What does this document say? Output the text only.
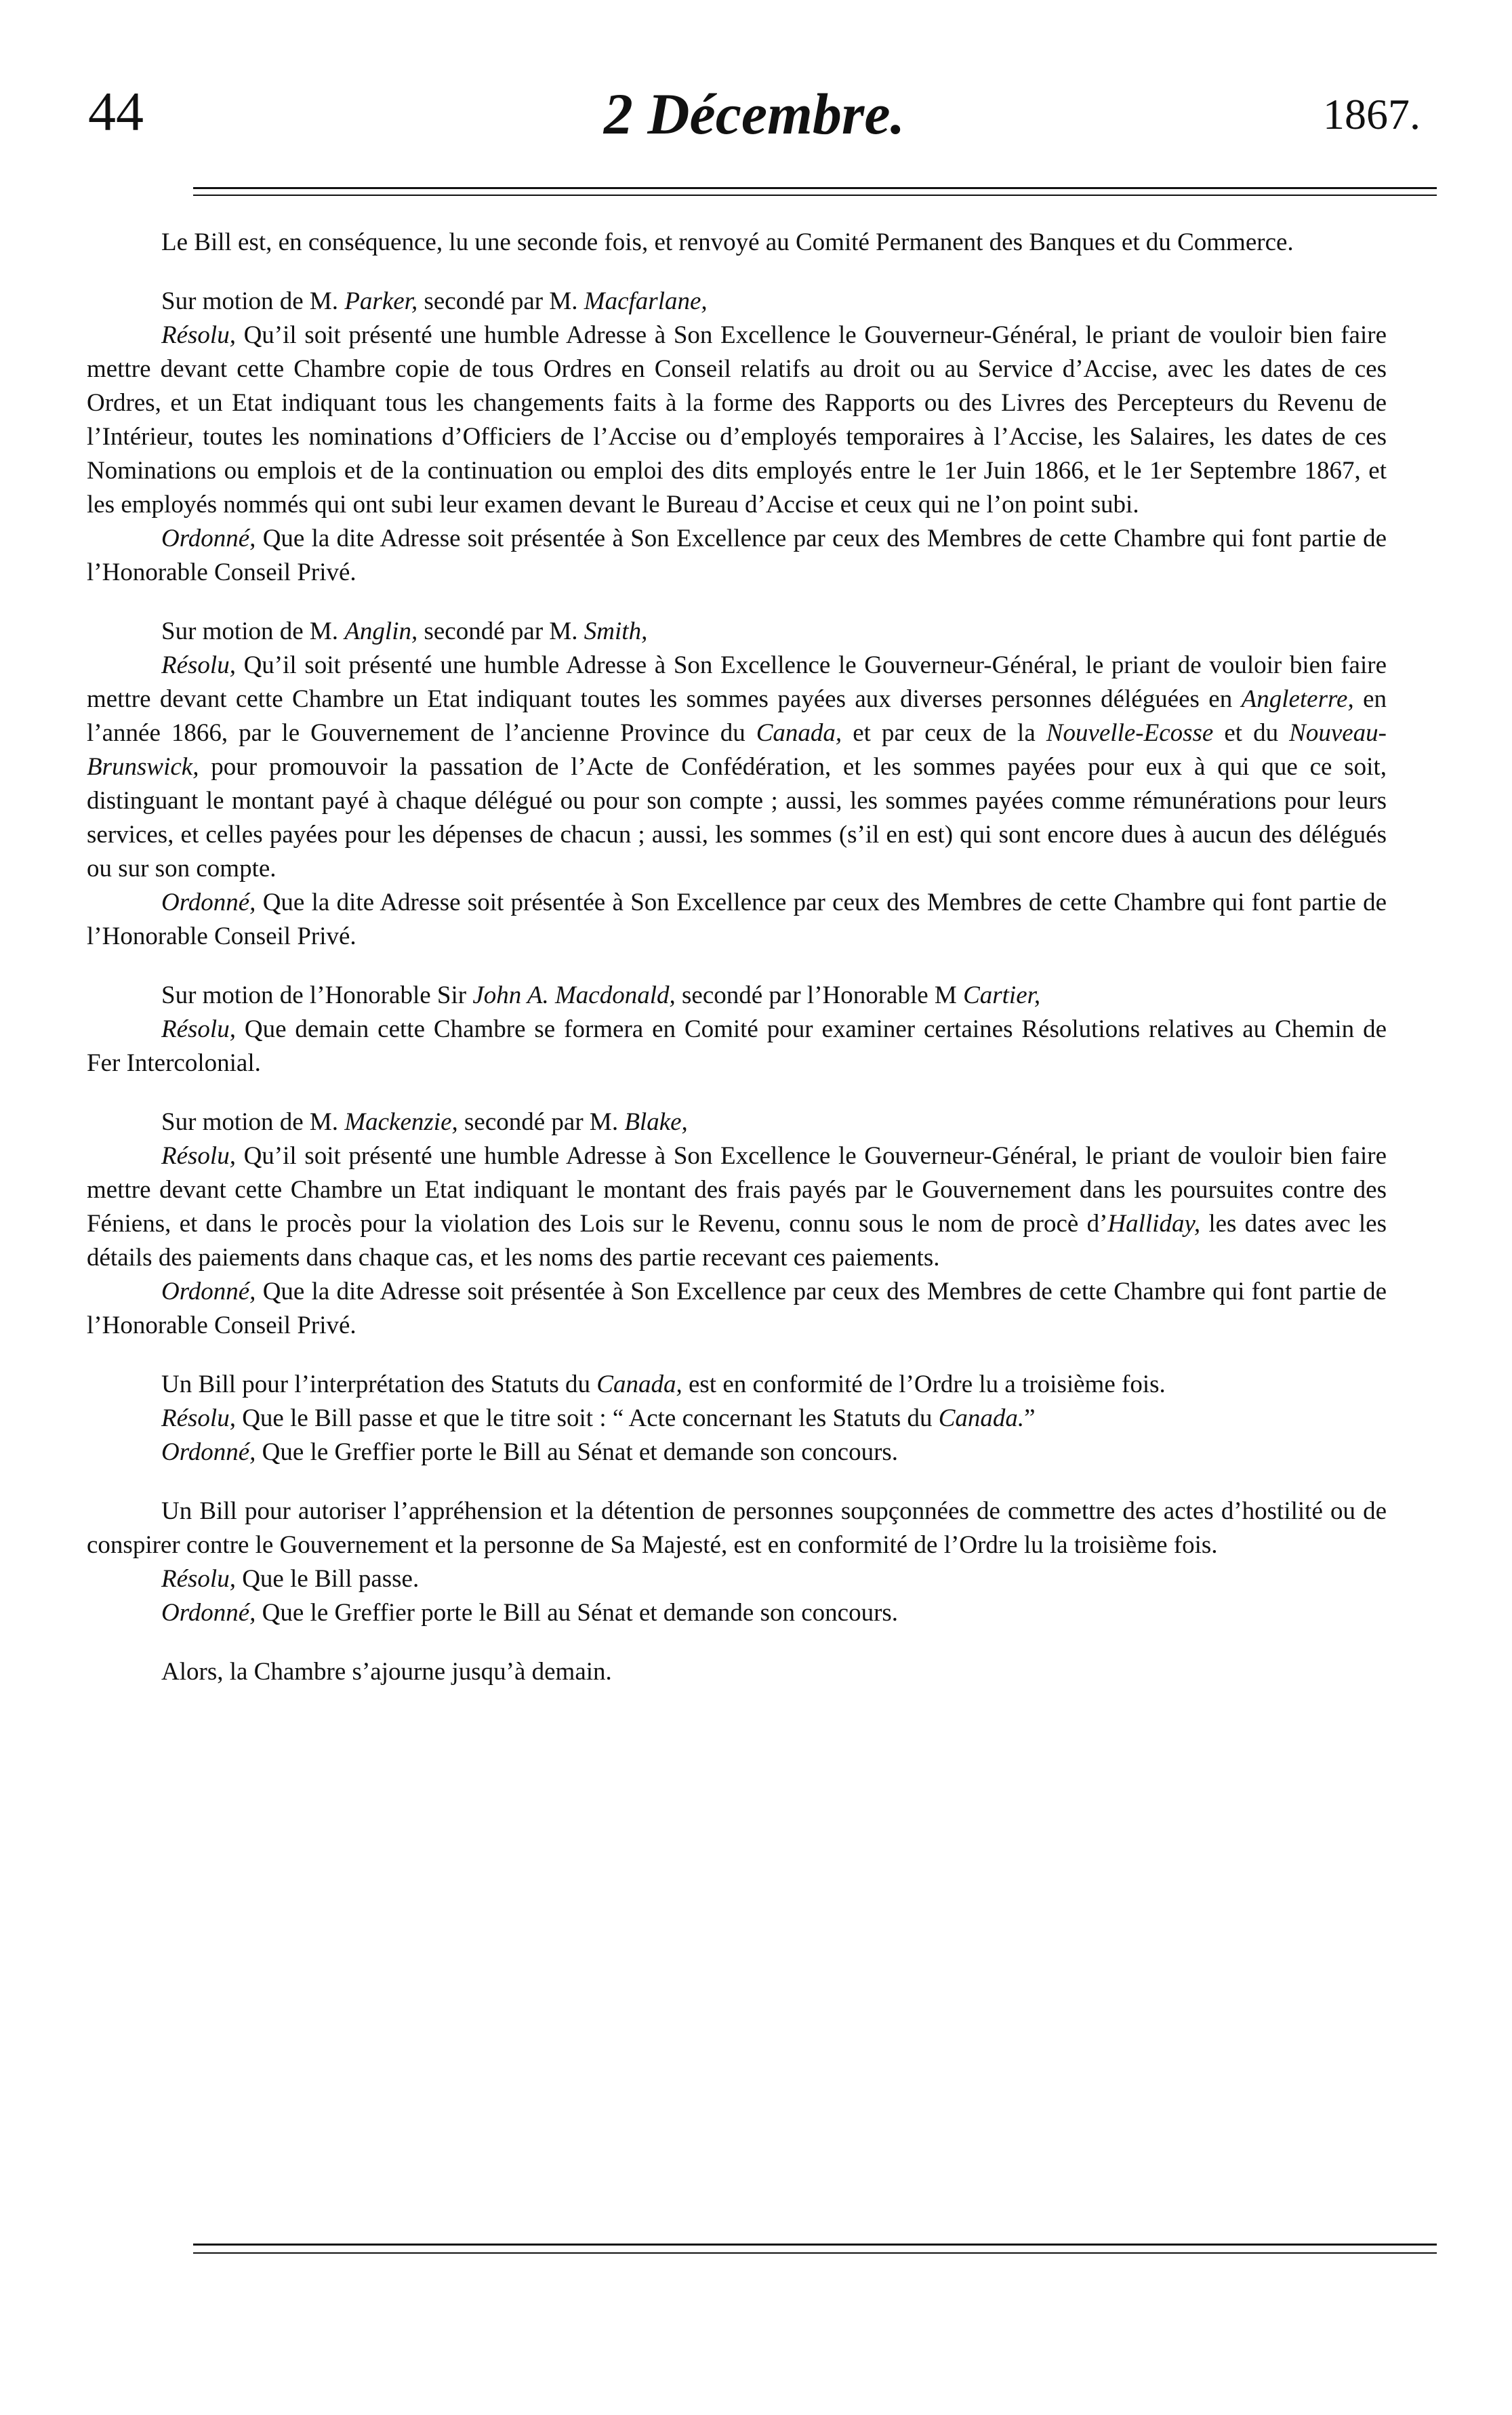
44	2 Décembre.	1867.

Le Bill est, en conséquence, lu une seconde fois, et renvoyé au Comité Permanent des Banques et du Commerce.

Sur motion de M. Parker, secondé par M. Macfarlane,

Résolu, Qu’il soit présenté une humble Adresse à Son Excellence le Gouverneur-Général, le priant de vouloir bien faire mettre devant cette Chambre copie de tous Ordres en Conseil relatifs au droit ou au Service d’Accise, avec les dates de ces Ordres, et un Etat indiquant tous les changements faits à la forme des Rapports ou des Livres des Percepteurs du Revenu de l’Intérieur, toutes les nominations d’Officiers de l’Accise ou d’employés temporaires à l’Accise, les Salaires, les dates de ces Nominations ou emplois et de la continuation ou emploi des dits employés entre le 1er Juin 1866, et le 1er Septembre 1867, et les employés nommés qui ont subi leur examen devant le Bureau d’Accise et ceux qui ne l’on point subi.

Ordonné, Que la dite Adresse soit présentée à Son Excellence par ceux des Membres de cette Chambre qui font partie de l’Honorable Conseil Privé.

Sur motion de M. Anglin, secondé par M. Smith,

Résolu, Qu’il soit présenté une humble Adresse à Son Excellence le Gouverneur-Général, le priant de vouloir bien faire mettre devant cette Chambre un Etat indiquant toutes les sommes payées aux diverses personnes déléguées en Angleterre, en l’année 1866, par le Gouvernement de l’ancienne Province du Canada, et par ceux de la Nouvelle-Ecosse et du Nouveau-Brunswick, pour promouvoir la passation de l’Acte de Confédération, et les sommes payées pour eux à qui que ce soit, distinguant le montant payé à chaque délégué ou pour son compte ; aussi, les sommes payées comme rémunérations pour leurs services, et celles payées pour les dépenses de chacun ; aussi, les sommes (s’il en est) qui sont encore dues à aucun des délégués ou sur son compte.

Ordonné, Que la dite Adresse soit présentée à Son Excellence par ceux des Membres de cette Chambre qui font partie de l’Honorable Conseil Privé.

Sur motion de l’Honorable Sir John A. Macdonald, secondé par l’Honorable M Cartier,

Résolu, Que demain cette Chambre se formera en Comité pour examiner certaines Résolutions relatives au Chemin de Fer Intercolonial.

Sur motion de M. Mackenzie, secondé par M. Blake,

Résolu, Qu’il soit présenté une humble Adresse à Son Excellence le Gouverneur-Général, le priant de vouloir bien faire mettre devant cette Chambre un Etat indiquant le montant des frais payés par le Gouvernement dans les poursuites contre des Féniens, et dans le procès pour la violation des Lois sur le Revenu, connu sous le nom de procè d’Halliday, les dates avec les détails des paiements dans chaque cas, et les noms des partie recevant ces paiements.

Ordonné, Que la dite Adresse soit présentée à Son Excellence par ceux des Membres de cette Chambre qui font partie de l’Honorable Conseil Privé.

Un Bill pour l’interprétation des Statuts du Canada, est en conformité de l’Ordre lu a troisième fois.

Résolu, Que le Bill passe et que le titre soit : “ Acte concernant les Statuts du Canada.”

Ordonné, Que le Greffier porte le Bill au Sénat et demande son concours.

Un Bill pour autoriser l’appréhension et la détention de personnes soupçonnées de commettre des actes d’hostilité ou de conspirer contre le Gouvernement et la personne de Sa Majesté, est en conformité de l’Ordre lu la troisième fois.

Résolu, Que le Bill passe.

Ordonné, Que le Greffier porte le Bill au Sénat et demande son concours.

Alors, la Chambre s’ajourne jusqu’à demain.
